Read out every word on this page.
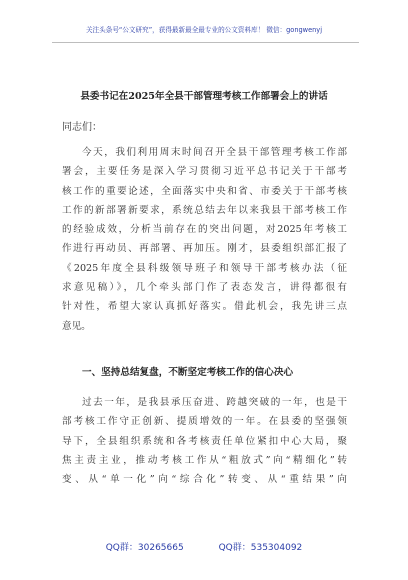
关注头条号“公文研究”，获得最新最全最专业的公文资料库！ 微信：gongwenyj
县委书记在2025年全县干部管理考核工作部署会上的讲话
同志们：
今天，我们利用周末时间召开全县干部管理考核工作部
署会，主要任务是深入学习贯彻习近平总书记关于干部考
核工作的重要论述，全面落实中央和省、市委关于干部考核
工作的新部署新要求，系统总结去年以来我县干部考核工作
的经验成效，分析当前存在的突出问题，对2025年考核工
作进行再动员、再部署、再加压。刚才，县委组织部汇报了
《2025年度全县科级领导班子和领导干部考核办法（征
求意见稿）》，几个牵头部门作了表态发言，讲得都很有
针对性，希望大家认真抓好落实。借此机会，我先讲三点
意见。
一、坚持总结复盘，不断坚定考核工作的信心决心
过去一年，是我县承压奋进、跨越突破的一年，也是干
部考核工作守正创新、提质增效的一年。在县委的坚强领
导下，全县组织系统和各考核责任单位紧扣中心大局，聚
焦主责主业，推动考核工作从“粗放式”向“精细化”转
变、从“单一化”向“综合化”转变、从“重结果”向
QQ群：30265665	QQ群：535304092
